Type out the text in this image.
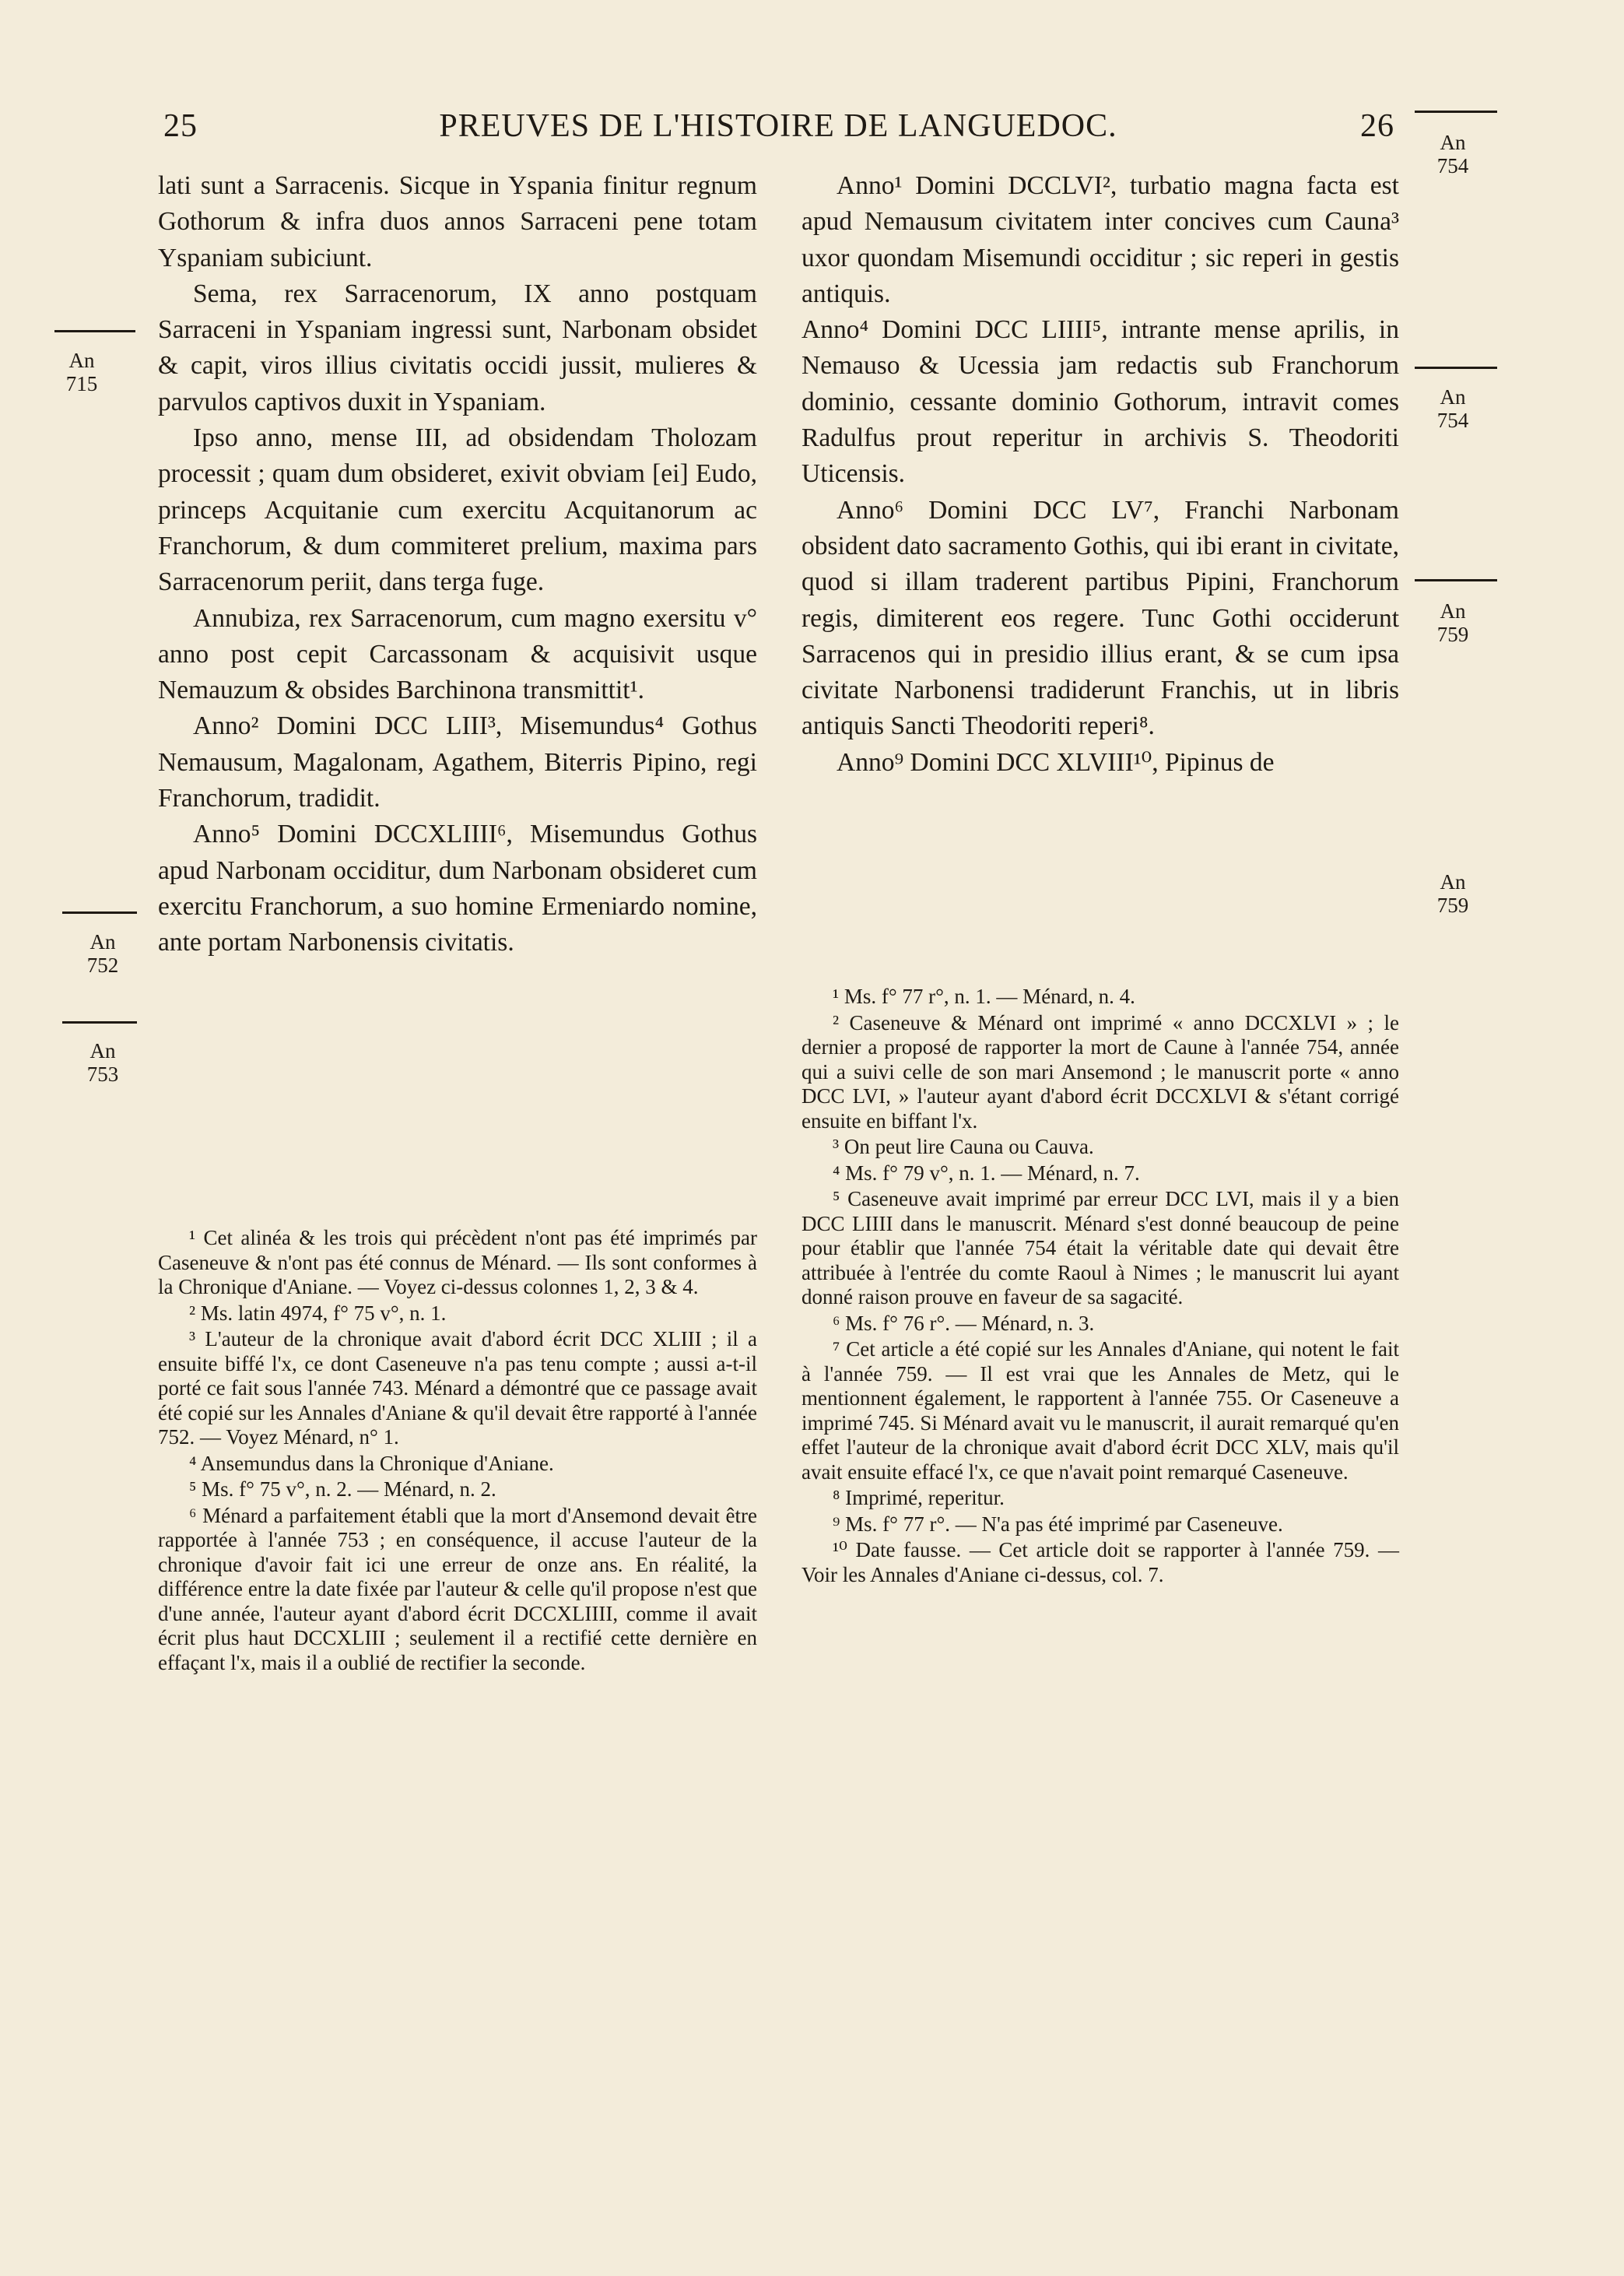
25	PREUVES DE L'HISTOIRE DE LANGUEDOC.	26
An
715
An
752
An
753
An
754
An
754
An
759
An
759

lati sunt a Sarracenis. Sicque in Yspania finitur regnum Gothorum & infra duos annos Sarraceni pene totam Yspaniam subiciunt.

Sema, rex Sarracenorum, IX anno postquam Sarraceni in Yspaniam ingressi sunt, Narbonam obsidet & capit, viros illius civitatis occidi jussit, mulieres & parvulos captivos duxit in Yspaniam.

Ipso anno, mense III, ad obsidendam Tholozam processit ; quam dum obsideret, exivit obviam [ei] Eudo, princeps Acquitanie cum exercitu Acquitanorum ac Franchorum, & dum commiteret prelium, maxima pars Sarracenorum periit, dans terga fuge.

Annubiza, rex Sarracenorum, cum magno exersitu v° anno post cepit Carcassonam & acquisivit usque Nemauzum & obsides Barchinona transmittit¹.

Anno² Domini DCC LIII³, Misemundus⁴ Gothus Nemausum, Magalonam, Agathem, Biterris Pipino, regi Franchorum, tradidit.

Anno⁵ Domini DCCXLIIII⁶, Misemundus Gothus apud Narbonam occiditur, dum Narbonam obsideret cum exercitu Franchorum, a suo homine Ermeniardo nomine, ante portam Narbonensis civitatis.

¹ Cet alinéa & les trois qui précèdent n'ont pas été imprimés par Caseneuve & n'ont pas été connus de Ménard. — Ils sont conformes à la Chronique d'Aniane. — Voyez ci-dessus colonnes 1, 2, 3 & 4.

² Ms. latin 4974, f° 75 v°, n. 1.

³ L'auteur de la chronique avait d'abord écrit DCC XLIII ; il a ensuite biffé l'x, ce dont Caseneuve n'a pas tenu compte ; aussi a-t-il porté ce fait sous l'année 743. Ménard a démontré que ce passage avait été copié sur les Annales d'Aniane & qu'il devait être rapporté à l'année 752. — Voyez Ménard, n° 1.

⁴ Ansemundus dans la Chronique d'Aniane.

⁵ Ms. f° 75 v°, n. 2. — Ménard, n. 2.

⁶ Ménard a parfaitement établi que la mort d'Ansemond devait être rapportée à l'année 753 ; en conséquence, il accuse l'auteur de la chronique d'avoir fait ici une erreur de onze ans. En réalité, la différence entre la date fixée par l'auteur & celle qu'il propose n'est que d'une année, l'auteur ayant d'abord écrit DCCXLIIII, comme il avait écrit plus haut DCCXLIII ; seulement il a rectifié cette dernière en effaçant l'x, mais il a oublié de rectifier la seconde.

Anno¹ Domini DCCLVI², turbatio magna facta est apud Nemausum civitatem inter concives cum Cauna³ uxor quondam Misemundi occiditur ; sic reperi in gestis antiquis.

Anno⁴ Domini DCC LIIII⁵, intrante mense aprilis, in Nemauso & Ucessia jam redactis sub Franchorum dominio, cessante dominio Gothorum, intravit comes Radulfus prout reperitur in archivis S. Theodoriti Uticensis.

Anno⁶ Domini DCC LV⁷, Franchi Narbonam obsident dato sacramento Gothis, qui ibi erant in civitate, quod si illam traderent partibus Pipini, Franchorum regis, dimiterent eos regere. Tunc Gothi occiderunt Sarracenos qui in presidio illius erant, & se cum ipsa civitate Narbonensi tradiderunt Franchis, ut in libris antiquis Sancti Theodoriti reperi⁸.

Anno⁹ Domini DCC XLVIII¹⁰, Pipinus de

¹ Ms. f° 77 r°, n. 1. — Ménard, n. 4.

² Caseneuve & Ménard ont imprimé « anno DCCXLVI » ; le dernier a proposé de rapporter la mort de Caune à l'année 754, année qui a suivi celle de son mari Ansemond ; le manuscrit porte « anno DCC LVI, » l'auteur ayant d'abord écrit DCCXLVI & s'étant corrigé ensuite en biffant l'x.

³ On peut lire Cauna ou Cauva.

⁴ Ms. f° 79 v°, n. 1. — Ménard, n. 7.

⁵ Caseneuve avait imprimé par erreur DCC LVI, mais il y a bien DCC LIIII dans le manuscrit. Ménard s'est donné beaucoup de peine pour établir que l'année 754 était la véritable date qui devait être attribuée à l'entrée du comte Raoul à Nimes ; le manuscrit lui ayant donné raison prouve en faveur de sa sagacité.

⁶ Ms. f° 76 r°. — Ménard, n. 3.

⁷ Cet article a été copié sur les Annales d'Aniane, qui notent le fait à l'année 759. — Il est vrai que les Annales de Metz, qui le mentionnent également, le rapportent à l'année 755. Or Caseneuve a imprimé 745. Si Ménard avait vu le manuscrit, il aurait remarqué qu'en effet l'auteur de la chronique avait d'abord écrit DCC XLV, mais qu'il avait ensuite effacé l'x, ce que n'avait point remarqué Caseneuve.

⁸ Imprimé, reperitur.

⁹ Ms. f° 77 r°. — N'a pas été imprimé par Caseneuve.

¹⁰ Date fausse. — Cet article doit se rapporter à l'année 759. — Voir les Annales d'Aniane ci-dessus, col. 7.
